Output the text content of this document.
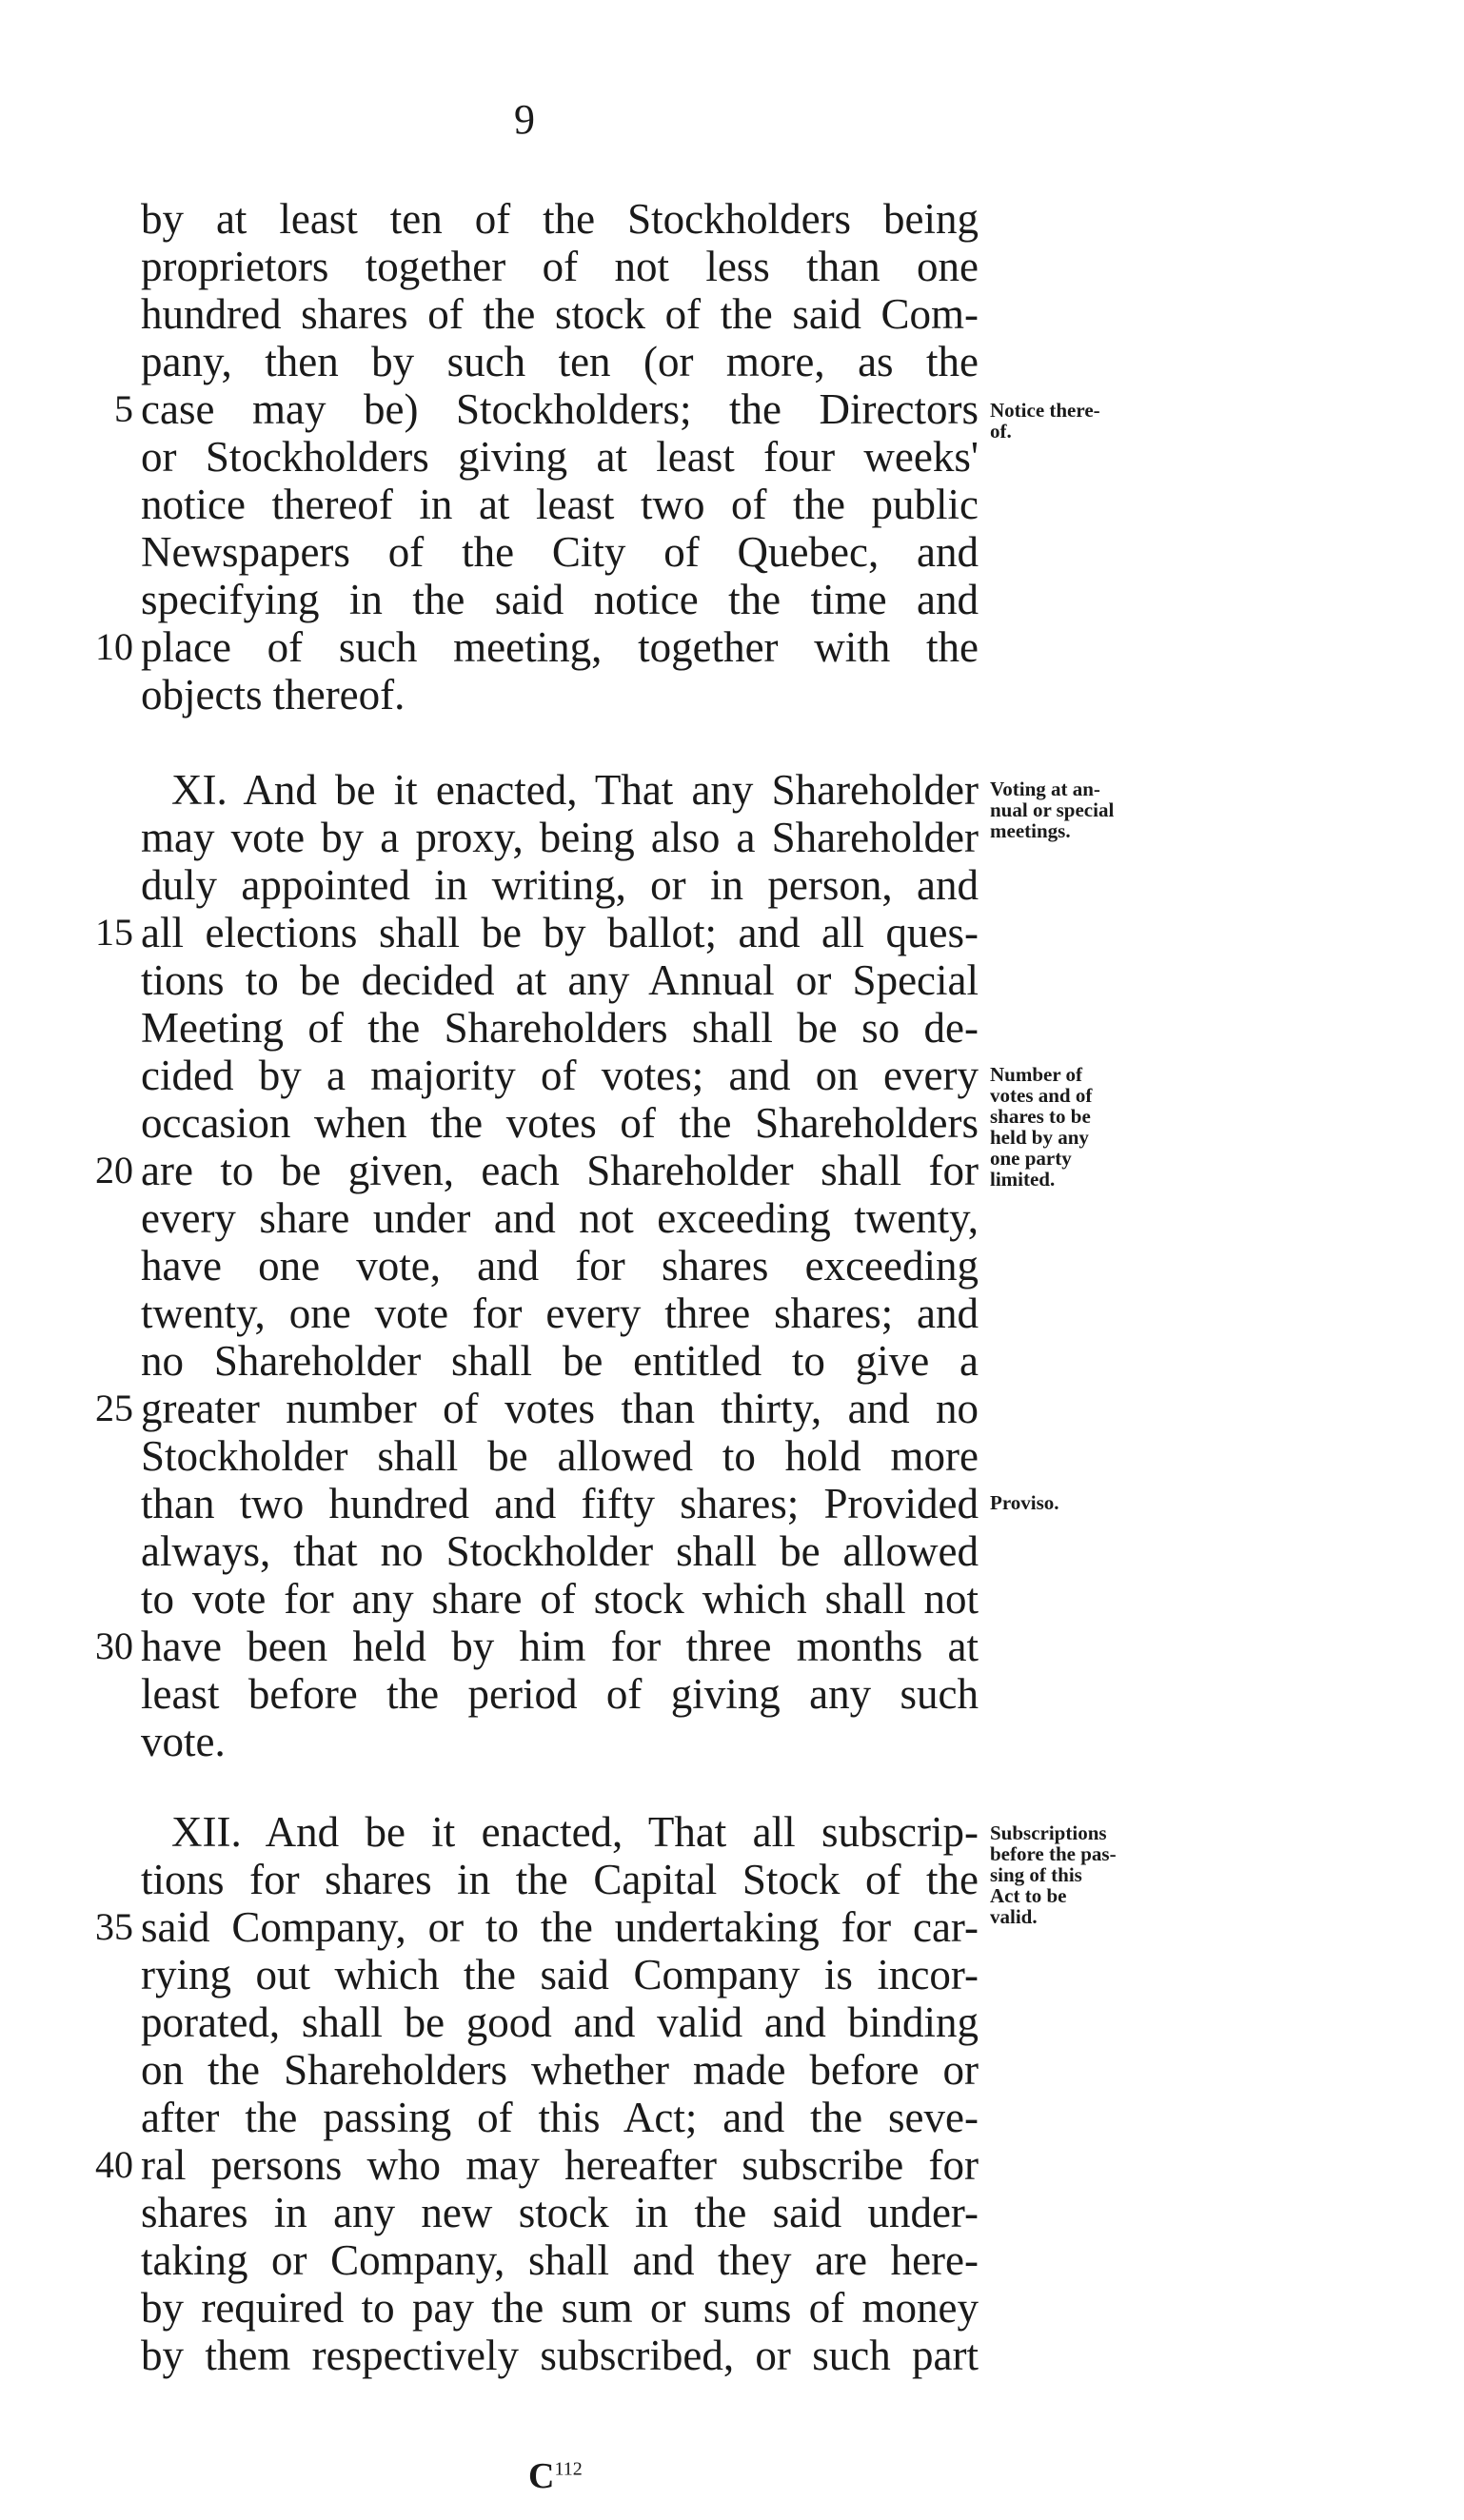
9
by at least ten of the Stockholders being
proprietors together of not less than one
hundred shares of the stock of the said Com-
pany, then by such ten (or more, as the
5 case may be) Stockholders; the Directors
or Stockholders giving at least four weeks'
notice thereof in at least two of the public
Newspapers of the City of Quebec, and
specifying in the said notice the time and
10 place of such meeting, together with the
objects thereof.
Notice there-
of.
XI. And be it enacted, That any Shareholder
may vote by a proxy, being also a Shareholder
duly appointed in writing, or in person, and
15 all elections shall be by ballot; and all ques-
tions to be decided at any Annual or Special
Meeting of the Shareholders shall be so de-
cided by a majority of votes; and on every
occasion when the votes of the Shareholders
20 are to be given, each Shareholder shall for
every share under and not exceeding twenty,
have one vote, and for shares exceeding
twenty, one vote for every three shares; and
no Shareholder shall be entitled to give a
25 greater number of votes than thirty, and no
Stockholder shall be allowed to hold more
than two hundred and fifty shares; Provided
always, that no Stockholder shall be allowed
to vote for any share of stock which shall not
30 have been held by him for three months at
least before the period of giving any such
vote.
Voting at an-
nual or special
meetings.
Number of
votes and of
shares to be
held by any
one party
limited.
Proviso.
XII. And be it enacted, That all subscrip-
tions for shares in the Capital Stock of the
35 said Company, or to the undertaking for car-
rying out which the said Company is incor-
porated, shall be good and valid and binding
on the Shareholders whether made before or
after the passing of this Act; and the seve-
40 ral persons who may hereafter subscribe for
shares in any new stock in the said under-
taking or Company, shall and they are here-
by required to pay the sum or sums of money
by them respectively subscribed, or such part
Subscriptions
before the pas-
sing of this
Act to be
valid.
$C^{112}$
